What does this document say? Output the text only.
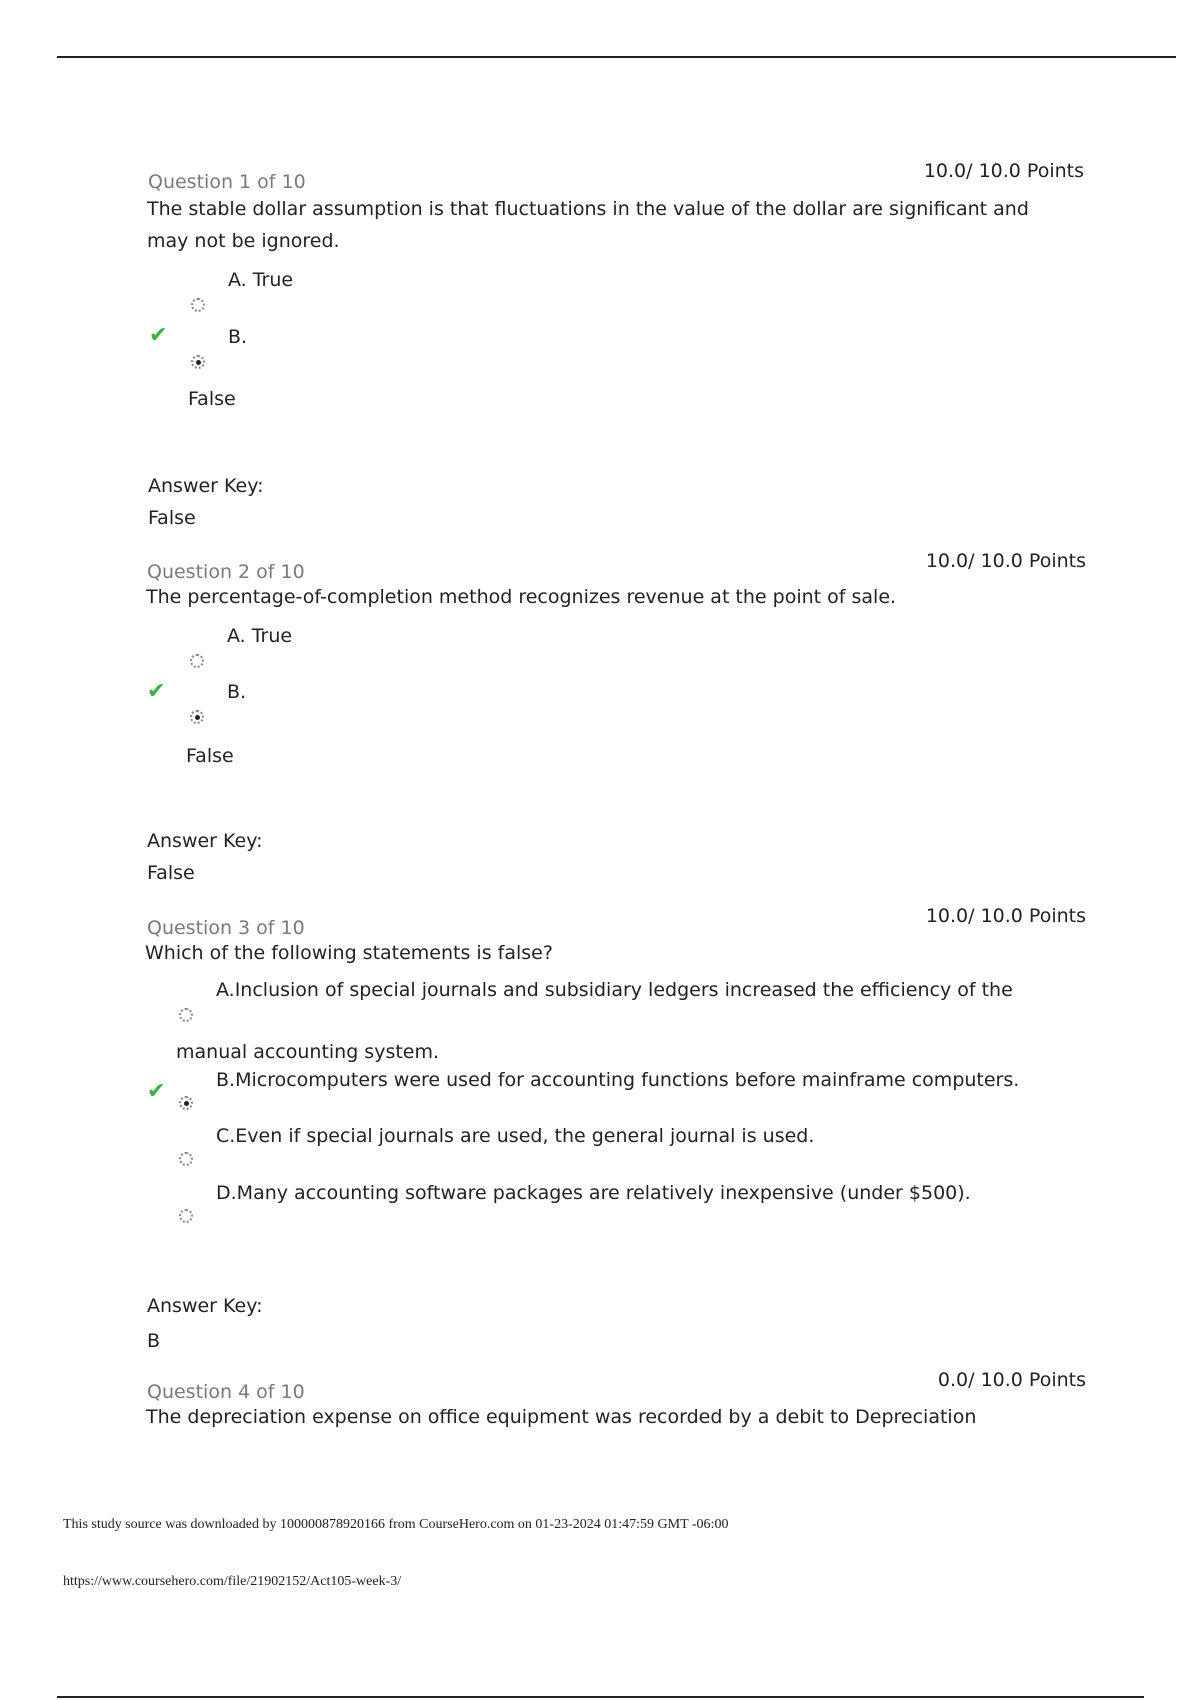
Question 1 of 10	10.0/ 10.0 Points
The stable dollar assumption is that fluctuations in the value of the dollar are significant and
may not be ignored.
A. True
✔	B.
False
Answer Key:
False
Question 2 of 10	10.0/ 10.0 Points
The percentage-of-completion method recognizes revenue at the point of sale.
A. True
✔	B.
False
Answer Key:
False
Question 3 of 10
10.0/ 10.0 Points
Which of the following statements is false?
A.Inclusion of special journals and subsidiary ledgers increased the efficiency of the
manual accounting system.
✔	B.Microcomputers were used for accounting functions before mainframe computers.
C.Even if special journals are used, the general journal is used.
D.Many accounting software packages are relatively inexpensive (under $500).
Answer Key:
B
Question 4 of 10
0.0/ 10.0 Points
The depreciation expense on office equipment was recorded by a debit to Depreciation
This study source was downloaded by 100000878920166 from CourseHero.com on 01-23-2024 01:47:59 GMT -06:00
https://www.coursehero.com/file/21902152/Act105-week-3/
